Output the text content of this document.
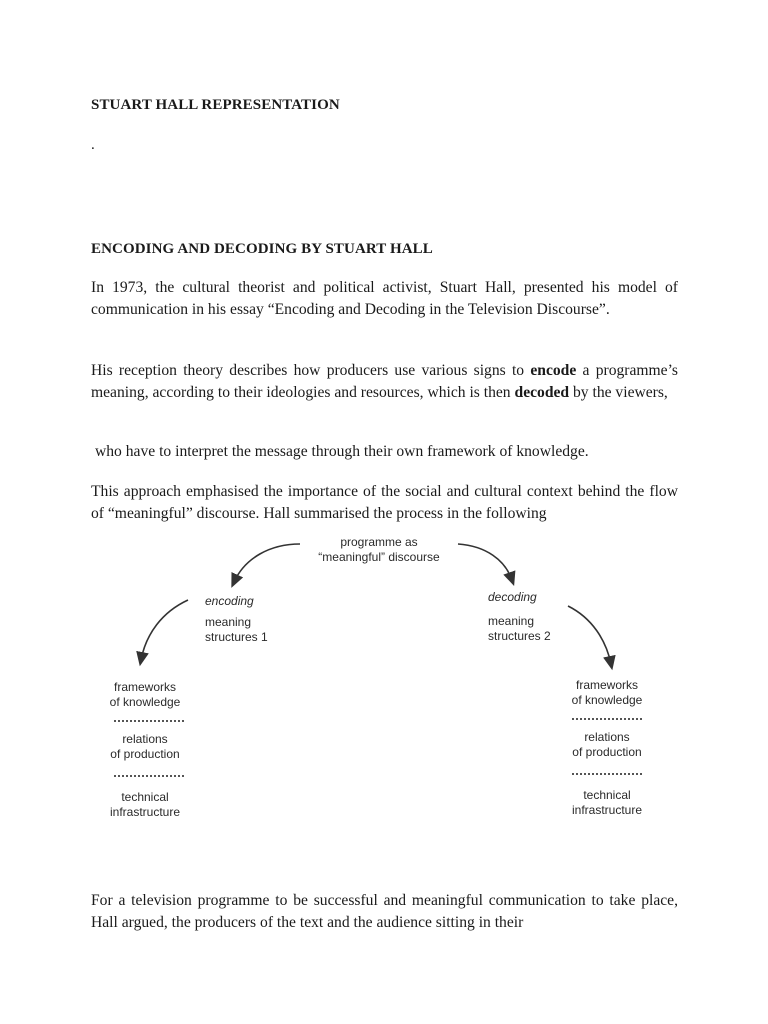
STUART HALL REPRESENTATION
.
ENCODING AND DECODING BY STUART HALL
In 1973, the cultural theorist and political activist, Stuart Hall, presented his model of communication in his essay “Encoding and Decoding in the Television Discourse”.
His reception theory describes how producers use various signs to encode a programme’s meaning, according to their ideologies and resources, which is then decoded by the viewers,
who have to interpret the message through their own framework of knowledge.
This approach emphasised the importance of the social and cultural context behind the flow of “meaningful” discourse. Hall summarised the process in the following
programme as
“meaningful” discourse
encoding
meaning
structures 1
decoding
meaning
structures 2
frameworks
of knowledge
relations
of production
technical
infrastructure
frameworks
of knowledge
relations
of production
technical
infrastructure
For a television programme to be successful and meaningful communication to take place, Hall argued, the producers of the text and the audience sitting in their
